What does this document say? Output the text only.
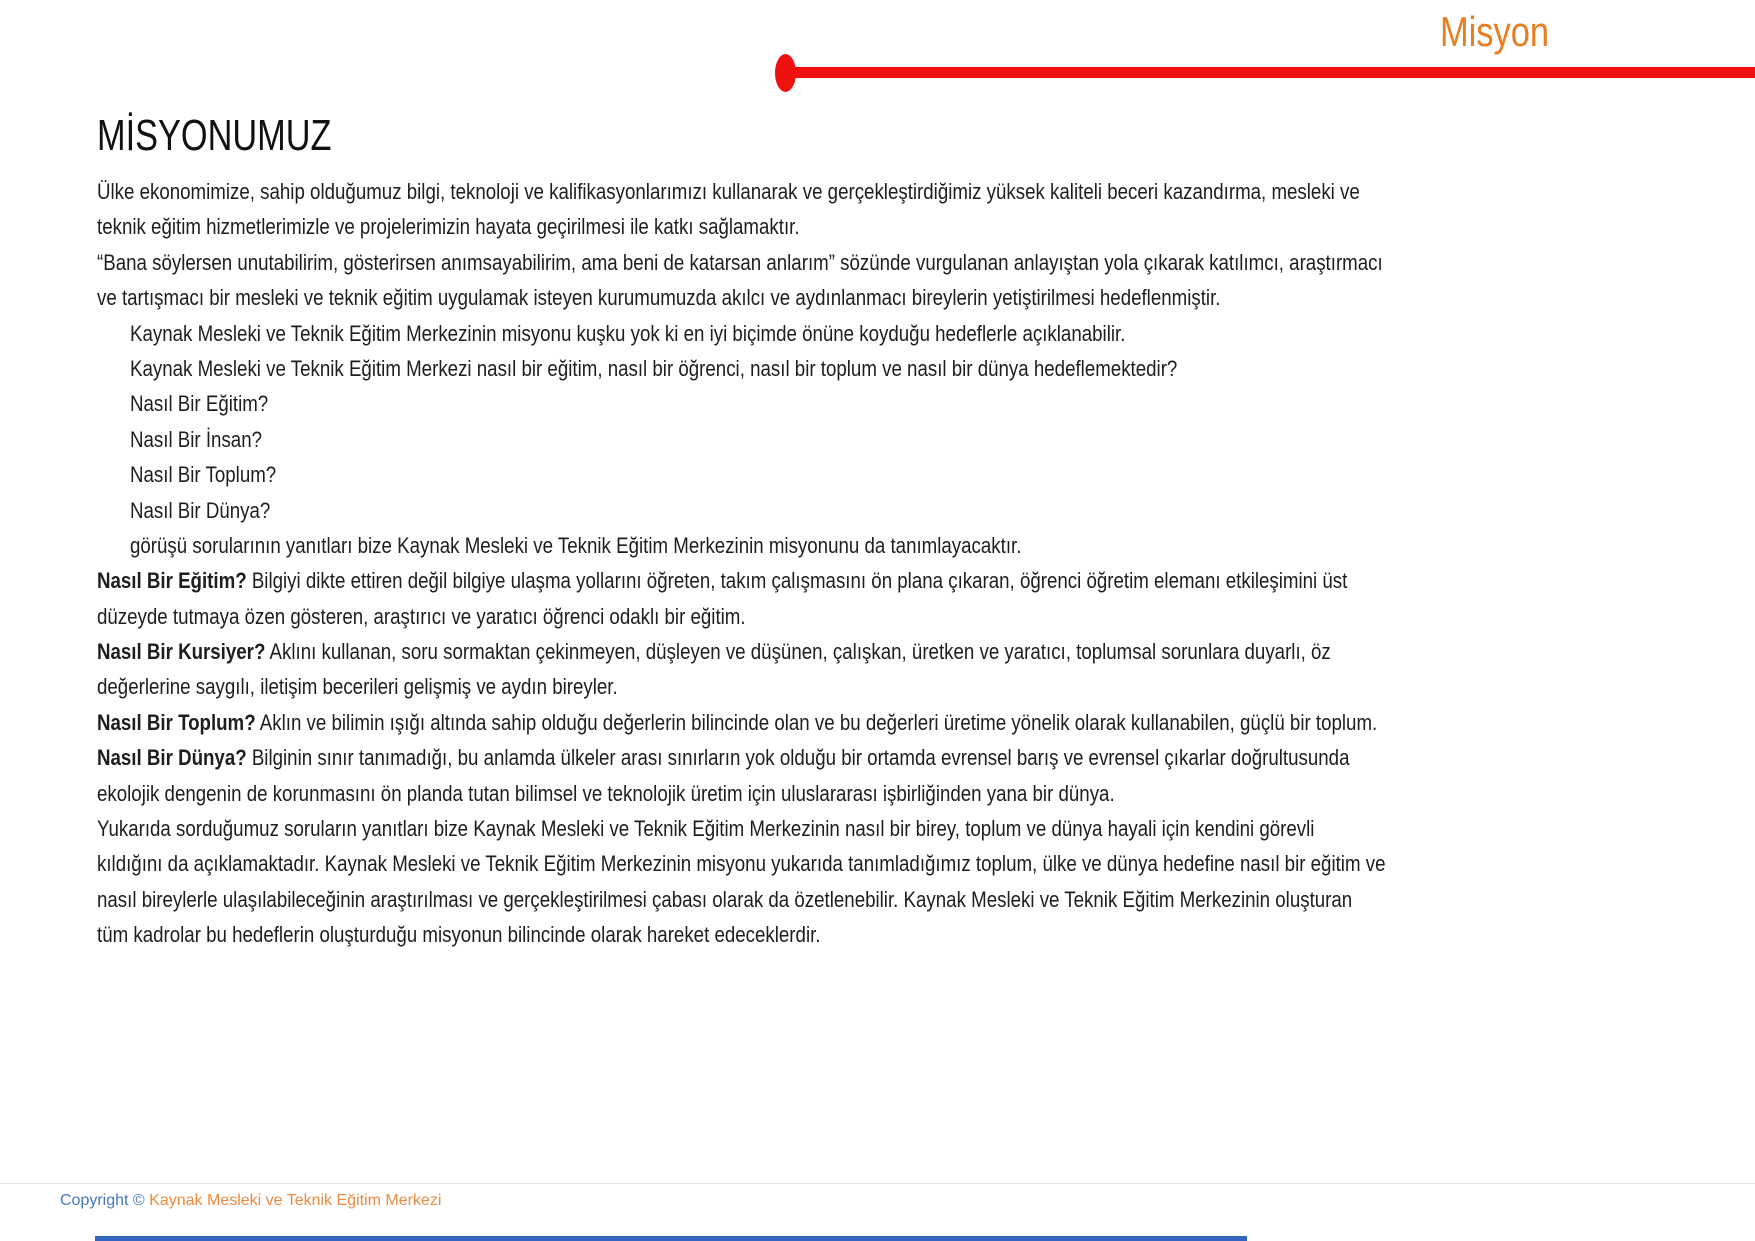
Misyon
MİSYONUMUZ
Ülke ekonomimize, sahip olduğumuz bilgi, teknoloji ve kalifikasyonlarımızı kullanarak ve gerçekleştirdiğimiz yüksek kaliteli beceri kazandırma, mesleki ve
teknik eğitim hizmetlerimizle ve projelerimizin hayata geçirilmesi ile katkı sağlamaktır.
“Bana söylersen unutabilirim, gösterirsen anımsayabilirim, ama beni de katarsan anlarım” sözünde vurgulanan anlayıştan yola çıkarak katılımcı, araştırmacı
ve tartışmacı bir mesleki ve teknik eğitim uygulamak isteyen kurumumuzda akılcı ve aydınlanmacı bireylerin yetiştirilmesi hedeflenmiştir.
Kaynak Mesleki ve Teknik Eğitim Merkezinin misyonu kuşku yok ki en iyi biçimde önüne koyduğu hedeflerle açıklanabilir.
Kaynak Mesleki ve Teknik Eğitim Merkezi nasıl bir eğitim, nasıl bir öğrenci, nasıl bir toplum ve nasıl bir dünya hedeflemektedir?
Nasıl Bir Eğitim?
Nasıl Bir İnsan?
Nasıl Bir Toplum?
Nasıl Bir Dünya?
görüşü sorularının yanıtları bize Kaynak Mesleki ve Teknik Eğitim Merkezinin misyonunu da tanımlayacaktır.
Nasıl Bir Eğitim? Bilgiyi dikte ettiren değil bilgiye ulaşma yollarını öğreten, takım çalışmasını ön plana çıkaran, öğrenci öğretim elemanı etkileşimini üst
düzeyde tutmaya özen gösteren, araştırıcı ve yaratıcı öğrenci odaklı bir eğitim.
Nasıl Bir Kursiyer? Aklını kullanan, soru sormaktan çekinmeyen, düşleyen ve düşünen, çalışkan, üretken ve yaratıcı, toplumsal sorunlara duyarlı, öz
değerlerine saygılı, iletişim becerileri gelişmiş ve aydın bireyler.
Nasıl Bir Toplum? Aklın ve bilimin ışığı altında sahip olduğu değerlerin bilincinde olan ve bu değerleri üretime yönelik olarak kullanabilen, güçlü bir toplum.
Nasıl Bir Dünya? Bilginin sınır tanımadığı, bu anlamda ülkeler arası sınırların yok olduğu bir ortamda evrensel barış ve evrensel çıkarlar doğrultusunda
ekolojik dengenin de korunmasını ön planda tutan bilimsel ve teknolojik üretim için uluslararası işbirliğinden yana bir dünya.
Yukarıda sorduğumuz soruların yanıtları bize Kaynak Mesleki ve Teknik Eğitim Merkezinin nasıl bir birey, toplum ve dünya hayali için kendini görevli
kıldığını da açıklamaktadır. Kaynak Mesleki ve Teknik Eğitim Merkezinin misyonu yukarıda tanımladığımız toplum, ülke ve dünya hedefine nasıl bir eğitim ve
nasıl bireylerle ulaşılabileceğinin araştırılması ve gerçekleştirilmesi çabası olarak da özetlenebilir. Kaynak Mesleki ve Teknik Eğitim Merkezinin oluşturan
tüm kadrolar bu hedeflerin oluşturduğu misyonun bilincinde olarak hareket edeceklerdir.
Copyright © Kaynak Mesleki ve Teknik Eğitim Merkezi
